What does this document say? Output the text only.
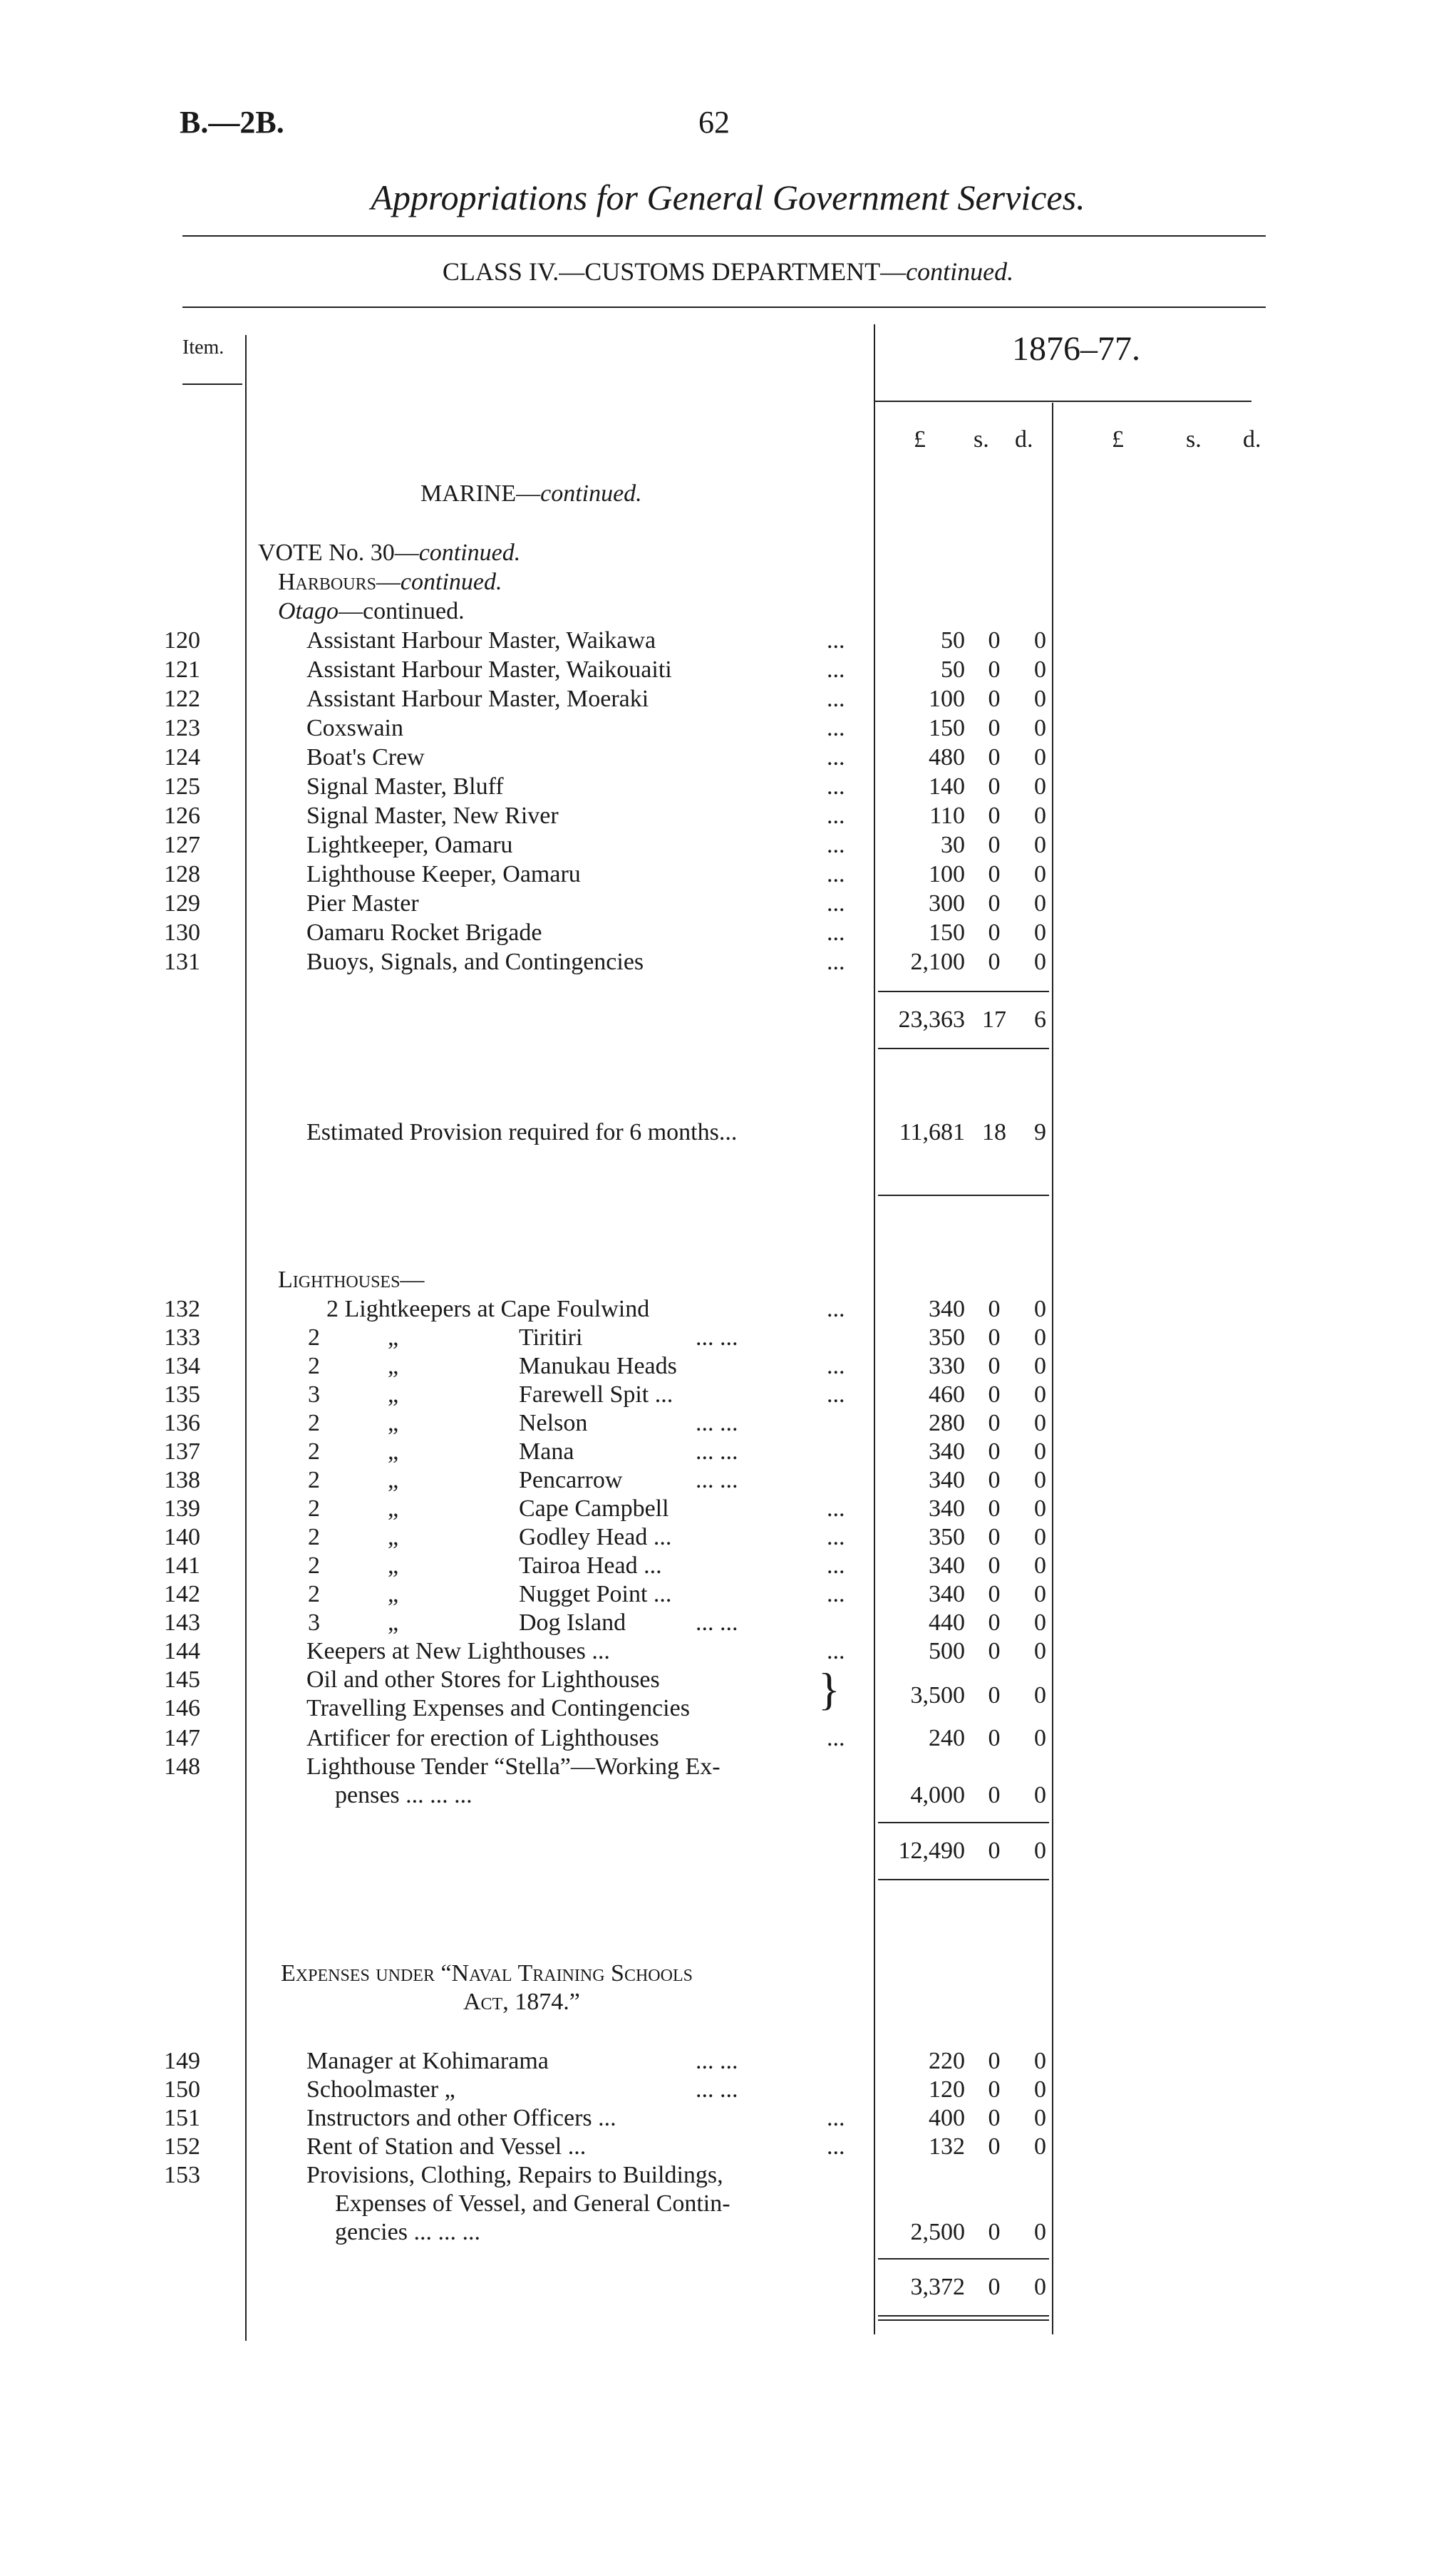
B.—2B.	62
Appropriations for General Government Services.
CLASS IV.—CUSTOMS DEPARTMENT—continued.
Item.	1876–77.
£ s. d.	£	s. d.
MARINE—continued.
VOTE No. 30—continued.
Harbours—continued.
Otago—continued.
120	Assistant Harbour Master, Waikawa	...	50 0	0
121	Assistant Harbour Master, Waikouaiti	...	50 0	0
122	Assistant Harbour Master, Moeraki	...	100 0	0
123	Coxswain	...	150 0	0
124	Boat's Crew	...	480 0	0
125	Signal Master, Bluff	...	140 0	0
126	Signal Master, New River	...	110 0	0
127	Lightkeeper, Oamaru	...	30 0	0
128	Lighthouse Keeper, Oamaru	...	100 0	0
129	Pier Master	...	300 0	0
130	Oamaru Rocket Brigade	...	150 0	0
131	Buoys, Signals, and Contingencies	...	2,100 0	0
23,363 17	6
Estimated Provision required for 6 months...	11,681 18	9
Lighthouses—
132	2 Lightkeepers at Cape Foulwind	...	340 0	0
133	2	„	Tiritiri	... ...	350 0	0
134	2	„	Manukau Heads	...	330 0	0
135	3	„	Farewell Spit ...	...	460 0	0
136	2	„	Nelson	... ...	280 0	0
137	2	„	Mana	... ...	340 0	0
138	2	„	Pencarrow	... ...	340 0	0
139	2	„	Cape Campbell	...	340 0	0
140	2	„	Godley Head ...	...	350 0	0
141	2	„	Tairoa Head ...	...	340 0	0
142	2	„	Nugget Point ...	...	340 0	0
143	3	„	Dog Island	... ...	440 0	0
144	Keepers at New Lighthouses ...	...	500 0	0
145	Oil and other Stores for Lighthouses
146	Travelling Expenses and Contingencies	}	3,500 0	0
147	Artificer for erection of Lighthouses	...	240 0	0
148	Lighthouse Tender “Stella”—Working Ex-
penses ... ... ...	4,000 0	0
12,490 0	0
Expenses under “Naval Training Schools
Act, 1874.”
149	Manager at Kohimarama	... ...	220 0	0
150	Schoolmaster „	... ...	120 0	0
151	Instructors and other Officers ...	...	400 0	0
152	Rent of Station and Vessel ...	...	132 0	0
153	Provisions, Clothing, Repairs to Buildings,
Expenses of Vessel, and General Contin-
gencies ... ... ...	2,500 0	0
3,372 0	0
